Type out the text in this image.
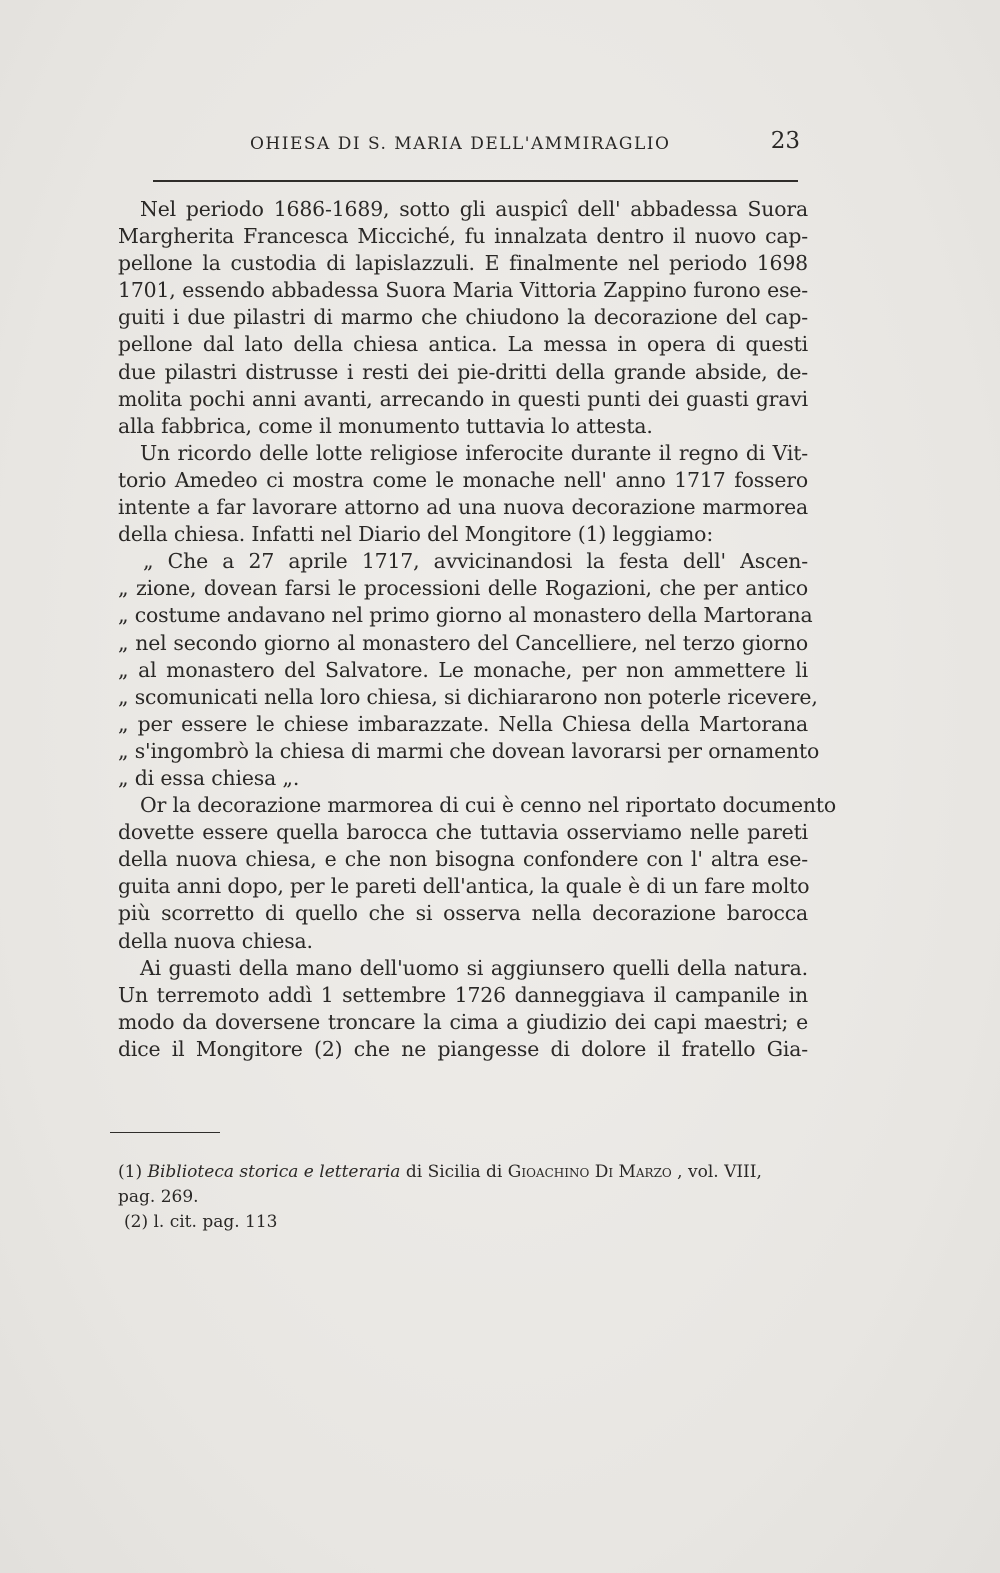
OHIESA DI S. MARIA DELL'AMMIRAGLIO	23
Nel periodo 1686-1689, sotto gli auspicî dell' abbadessa Suora
Margherita Francesca Micciché, fu innalzata dentro il nuovo cap-
pellone la custodia di lapislazzuli. E finalmente nel periodo 1698
1701, essendo abbadessa Suora Maria Vittoria Zappino furono ese-
guiti i due pilastri di marmo che chiudono la decorazione del cap-
pellone dal lato della chiesa antica. La messa in opera di questi
due pilastri distrusse i resti dei pie-dritti della grande abside, de-
molita pochi anni avanti, arrecando in questi punti dei guasti gravi
alla fabbrica, come il monumento tuttavia lo attesta.
Un ricordo delle lotte religiose inferocite durante il regno di Vit-
torio Amedeo ci mostra come le monache nell' anno 1717 fossero
intente a far lavorare attorno ad una nuova decorazione marmorea
della chiesa. Infatti nel Diario del Mongitore (1) leggiamo:
„ Che a 27 aprile 1717, avvicinandosi la festa dell' Ascen-
„ zione, dovean farsi le processioni delle Rogazioni, che per antico
„ costume andavano nel primo giorno al monastero della Martorana
„ nel secondo giorno al monastero del Cancelliere, nel terzo giorno
„ al monastero del Salvatore. Le monache, per non ammettere li
„ scomunicati nella loro chiesa, si dichiararono non poterle ricevere,
„ per essere le chiese imbarazzate. Nella Chiesa della Martorana
„ s'ingombrò la chiesa di marmi che dovean lavorarsi per ornamento
„ di essa chiesa „.
Or la decorazione marmorea di cui è cenno nel riportato documento
dovette essere quella barocca che tuttavia osserviamo nelle pareti
della nuova chiesa, e che non bisogna confondere con l' altra ese-
guita anni dopo, per le pareti dell'antica, la quale è di un fare molto
più scorretto di quello che si osserva nella decorazione barocca
della nuova chiesa.
Ai guasti della mano dell'uomo si aggiunsero quelli della natura.
Un terremoto addì 1 settembre 1726 danneggiava il campanile in
modo da doversene troncare la cima a giudizio dei capi maestri; e
dice il Mongitore (2) che ne piangesse di dolore il fratello Gia-
(1) Biblioteca storica e letteraria di Sicilia di Gioachino Di Marzo , vol. VIII,
pag. 269.
(2) l. cit. pag. 113
